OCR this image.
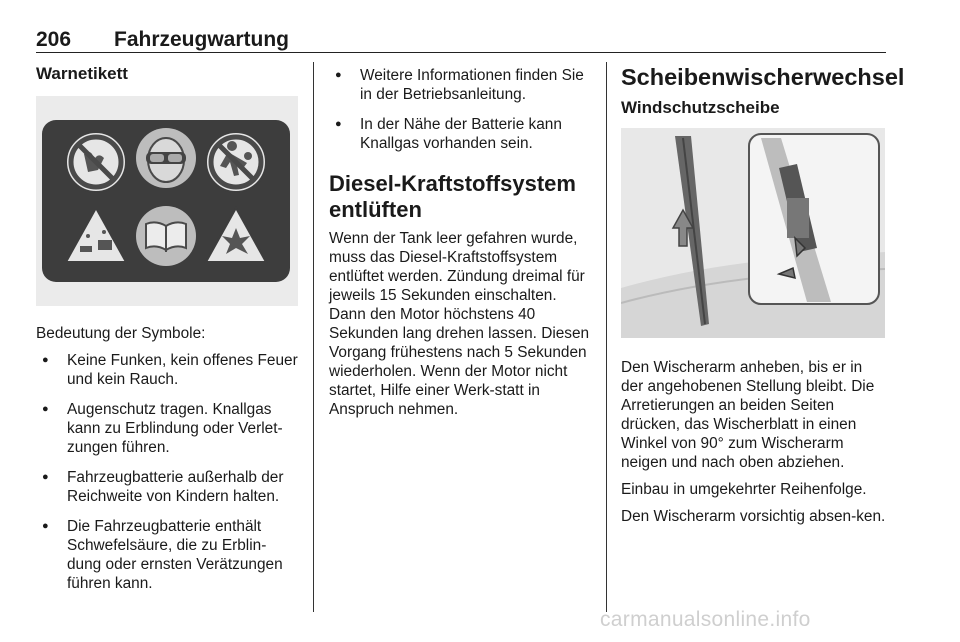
206 Fahrzeugwartung
Warnetikett
Bedeutung der Symbole:
● Keine Funken, kein offenes Feuer und kein Rauch.
● Augenschutz tragen. Knallgas kann zu Erblindung oder Verlet-zungen führen.
● Fahrzeugbatterie außerhalb der Reichweite von Kindern halten.
● Die Fahrzeugbatterie enthält Schwefelsäure, die zu Erblin-dung oder ernsten Verätzungen führen kann.
● Weitere Informationen finden Sie in der Betriebsanleitung.
● In der Nähe der Batterie kann Knallgas vorhanden sein.
Diesel-Kraftstoffsystem entlüften
Wenn der Tank leer gefahren wurde, muss das Diesel-Kraftstoffsystem entlüftet werden. Zündung dreimal für jeweils 15 Sekunden einschalten. Dann den Motor höchstens 40 Sekunden lang drehen lassen. Diesen Vorgang frühestens nach 5 Sekunden wiederholen. Wenn der Motor nicht startet, Hilfe einer Werk-statt in Anspruch nehmen.
Scheibenwischerwechsel
Windschutzscheibe
Den Wischerarm anheben, bis er in der angehobenen Stellung bleibt. Die Arretierungen an beiden Seiten drücken, das Wischerblatt in einen Winkel von 90° zum Wischerarm neigen und nach oben abziehen.
Einbau in umgekehrter Reihenfolge.
Den Wischerarm vorsichtig absen-ken.
carmanualsonline.info
